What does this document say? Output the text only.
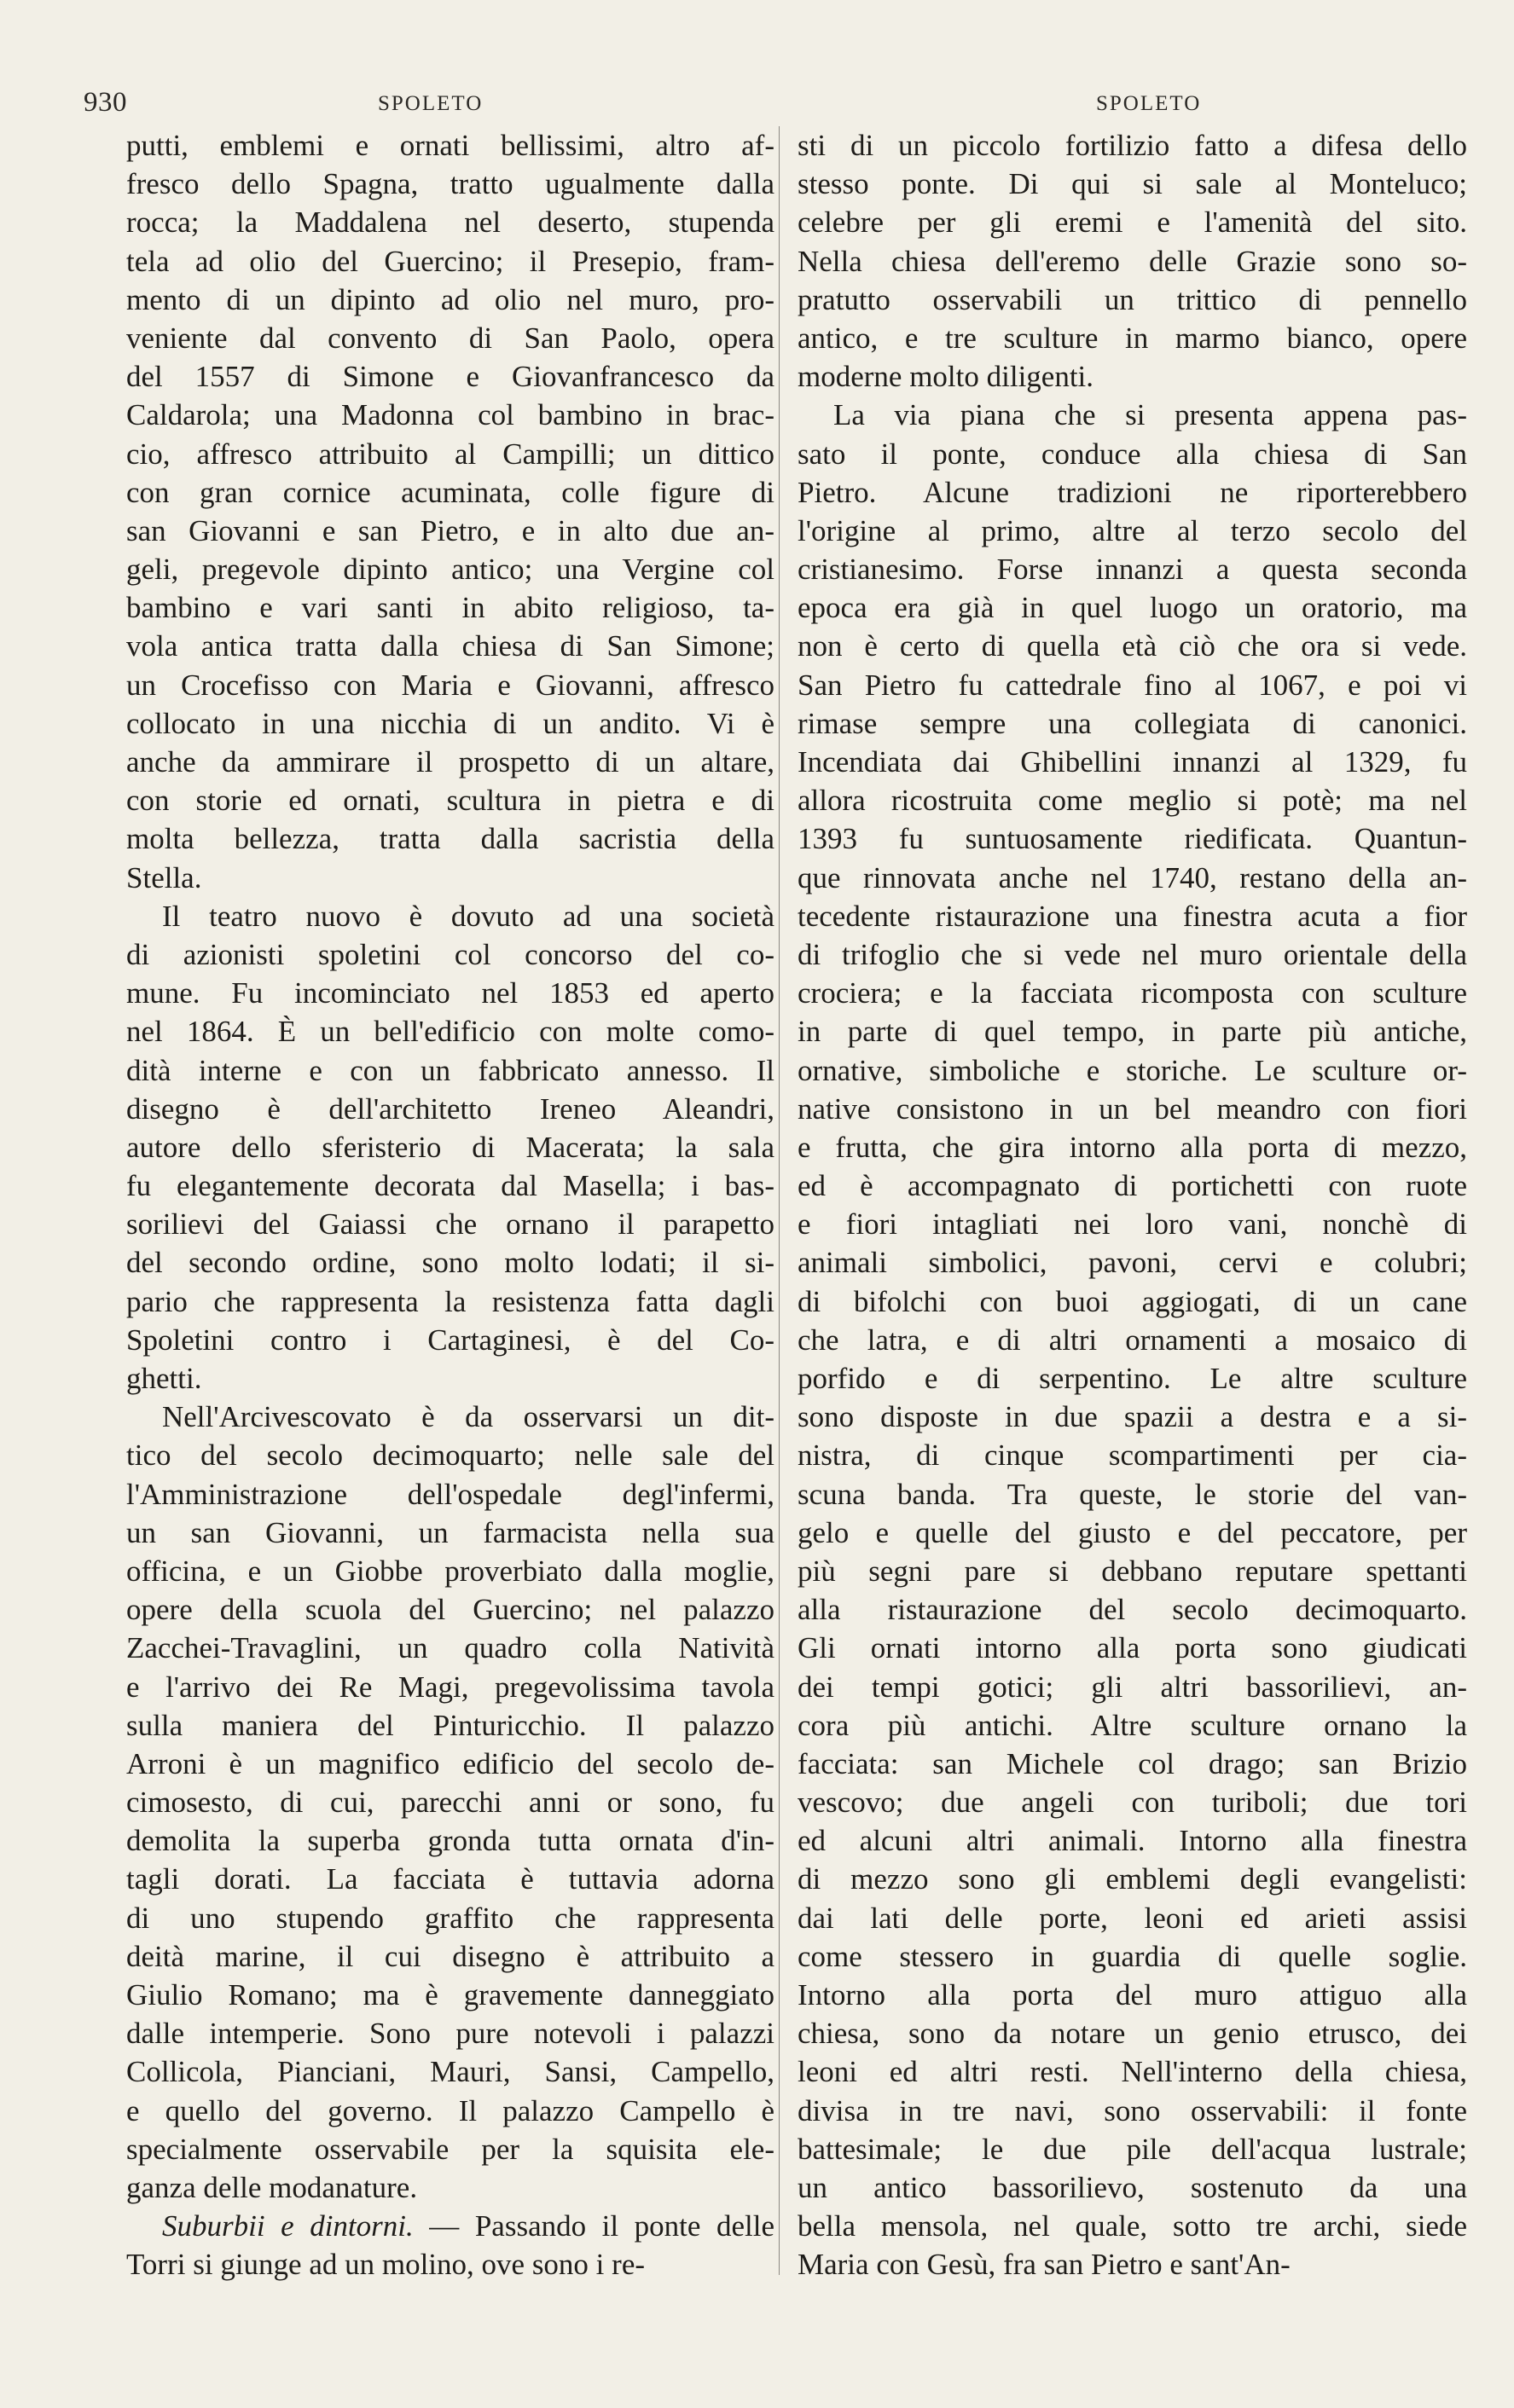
930	SPOLETO	SPOLETO
putti, emblemi e ornati bellissimi, altro af-
fresco dello Spagna, tratto ugualmente dalla
rocca; la Maddalena nel deserto, stupenda
tela ad olio del Guercino; il Presepio, fram-
mento di un dipinto ad olio nel muro, pro-
veniente dal convento di San Paolo, opera
del 1557 di Simone e Giovanfrancesco da
Caldarola; una Madonna col bambino in brac-
cio, affresco attribuito al Campilli; un dittico
con gran cornice acuminata, colle figure di
san Giovanni e san Pietro, e in alto due an-
geli, pregevole dipinto antico; una Vergine col
bambino e vari santi in abito religioso, ta-
vola antica tratta dalla chiesa di San Simone;
un Crocefisso con Maria e Giovanni, affresco
collocato in una nicchia di un andito. Vi è
anche da ammirare il prospetto di un altare,
con storie ed ornati, scultura in pietra e di
molta bellezza, tratta dalla sacristia della
Stella.
Il teatro nuovo è dovuto ad una società
di azionisti spoletini col concorso del co-
mune. Fu incominciato nel 1853 ed aperto
nel 1864. È un bell'edificio con molte como-
dità interne e con un fabbricato annesso. Il
disegno è dell'architetto Ireneo Aleandri,
autore dello sferisterio di Macerata; la sala
fu elegantemente decorata dal Masella; i bas-
sorilievi del Gaiassi che ornano il parapetto
del secondo ordine, sono molto lodati; il si-
pario che rappresenta la resistenza fatta dagli
Spoletini contro i Cartaginesi, è del Co-
ghetti.
Nell'Arcivescovato è da osservarsi un dit-
tico del secolo decimoquarto; nelle sale del
l'Amministrazione dell'ospedale degl'infermi,
un san Giovanni, un farmacista nella sua
officina, e un Giobbe proverbiato dalla moglie,
opere della scuola del Guercino; nel palazzo
Zacchei-Travaglini, un quadro colla Natività
e l'arrivo dei Re Magi, pregevolissima tavola
sulla maniera del Pinturicchio. Il palazzo
Arroni è un magnifico edificio del secolo de-
cimosesto, di cui, parecchi anni or sono, fu
demolita la superba gronda tutta ornata d'in-
tagli dorati. La facciata è tuttavia adorna
di uno stupendo graffito che rappresenta
deità marine, il cui disegno è attribuito a
Giulio Romano; ma è gravemente danneggiato
dalle intemperie. Sono pure notevoli i palazzi
Collicola, Pianciani, Mauri, Sansi, Campello,
e quello del governo. Il palazzo Campello è
specialmente osservabile per la squisita ele-
ganza delle modanature.
Suburbii e dintorni. — Passando il ponte delle
Torri si giunge ad un molino, ove sono i re-
sti di un piccolo fortilizio fatto a difesa dello
stesso ponte. Di qui si sale al Monteluco;
celebre per gli eremi e l'amenità del sito.
Nella chiesa dell'eremo delle Grazie sono so-
pratutto osservabili un trittico di pennello
antico, e tre sculture in marmo bianco, opere
moderne molto diligenti.
La via piana che si presenta appena pas-
sato il ponte, conduce alla chiesa di San
Pietro. Alcune tradizioni ne riporterebbero
l'origine al primo, altre al terzo secolo del
cristianesimo. Forse innanzi a questa seconda
epoca era già in quel luogo un oratorio, ma
non è certo di quella età ciò che ora si vede.
San Pietro fu cattedrale fino al 1067, e poi vi
rimase sempre una collegiata di canonici.
Incendiata dai Ghibellini innanzi al 1329, fu
allora ricostruita come meglio si potè; ma nel
1393 fu suntuosamente riedificata. Quantun-
que rinnovata anche nel 1740, restano della an-
tecedente ristaurazione una finestra acuta a fior
di trifoglio che si vede nel muro orientale della
crociera; e la facciata ricomposta con sculture
in parte di quel tempo, in parte più antiche,
ornative, simboliche e storiche. Le sculture or-
native consistono in un bel meandro con fiori
e frutta, che gira intorno alla porta di mezzo,
ed è accompagnato di portichetti con ruote
e fiori intagliati nei loro vani, nonchè di
animali simbolici, pavoni, cervi e colubri;
di bifolchi con buoi aggiogati, di un cane
che latra, e di altri ornamenti a mosaico di
porfido e di serpentino. Le altre sculture
sono disposte in due spazii a destra e a si-
nistra, di cinque scompartimenti per cia-
scuna banda. Tra queste, le storie del van-
gelo e quelle del giusto e del peccatore, per
più segni pare si debbano reputare spettanti
alla ristaurazione del secolo decimoquarto.
Gli ornati intorno alla porta sono giudicati
dei tempi gotici; gli altri bassorilievi, an-
cora più antichi. Altre sculture ornano la
facciata: san Michele col drago; san Brizio
vescovo; due angeli con turiboli; due tori
ed alcuni altri animali. Intorno alla finestra
di mezzo sono gli emblemi degli evangelisti:
dai lati delle porte, leoni ed arieti assisi
come stessero in guardia di quelle soglie.
Intorno alla porta del muro attiguo alla
chiesa, sono da notare un genio etrusco, dei
leoni ed altri resti. Nell'interno della chiesa,
divisa in tre navi, sono osservabili: il fonte
battesimale; le due pile dell'acqua lustrale;
un antico bassorilievo, sostenuto da una
bella mensola, nel quale, sotto tre archi, siede
Maria con Gesù, fra san Pietro e sant'An-
